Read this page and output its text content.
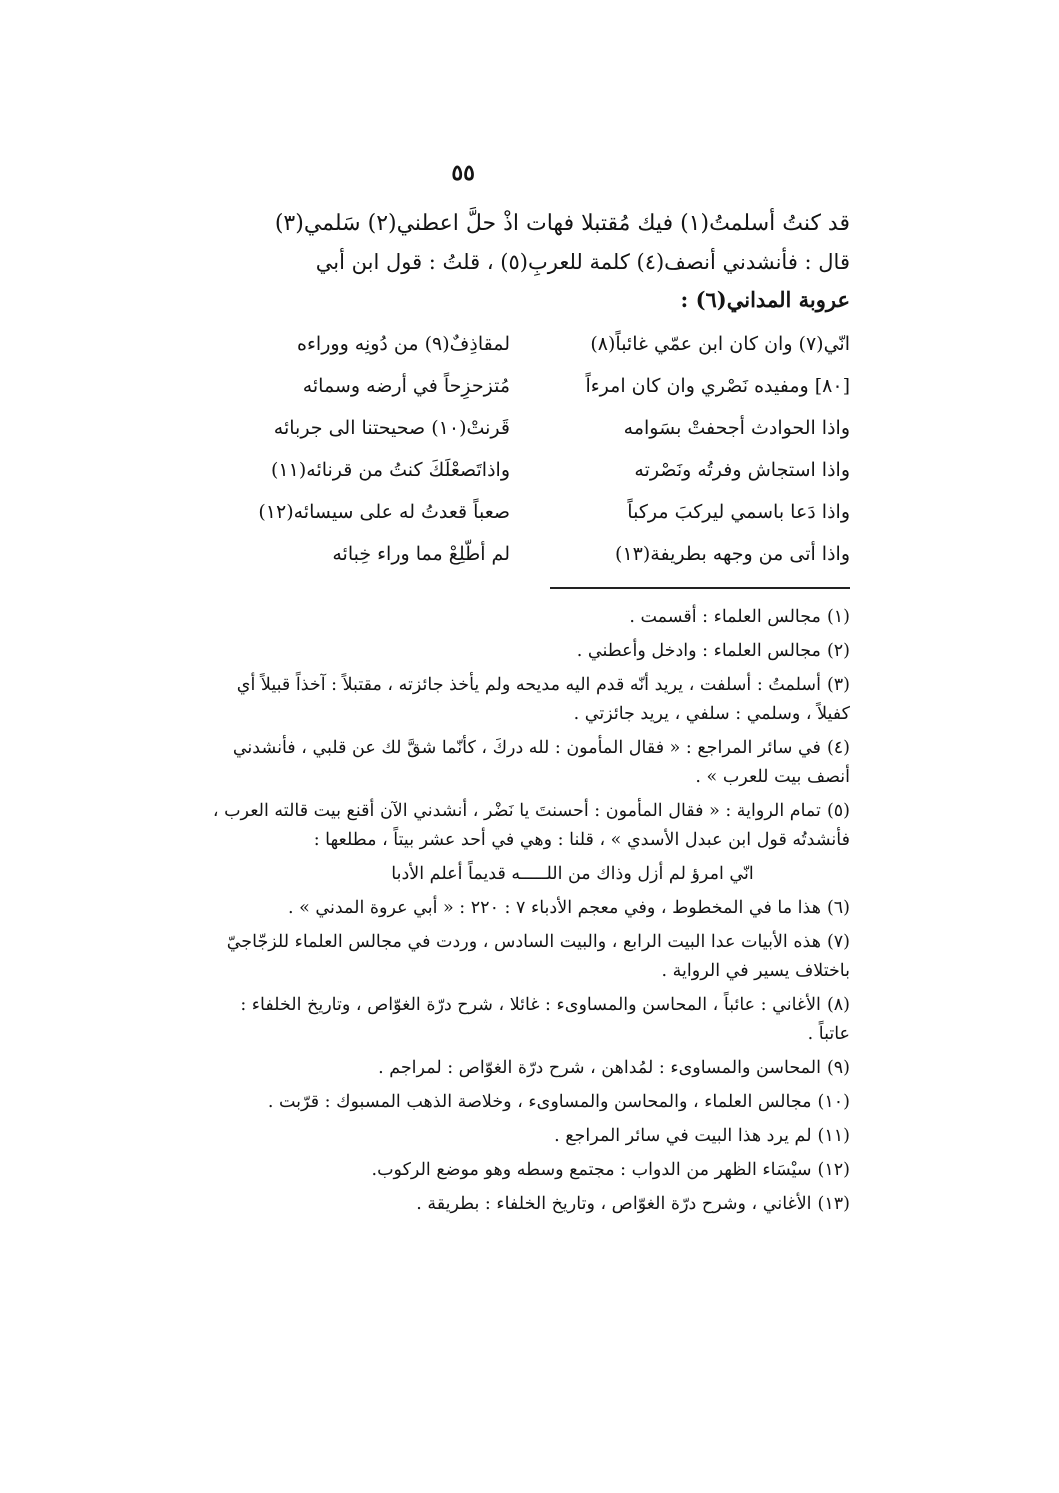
٥٥
قد كنتُ أسلمتُ(١) فيك مُقتبلا فهات اذْ حلَّ اعطني(٢) سَلمي(٣)
قال : فأنشدني أنصف(٤) كلمة للعربِ(٥) ، قلتُ : قول ابن أبي
عروبة المداني(٦) :
انّي(٧) وان كان ابن عمّي غائباً(٨)
لمقاذِفٌ(٩) من دُونِه ووراءه
[٨٠] ومفيده نَصْري وان كان امرءاً
مُتزحزِحاً في أرضه وسمائه
واذا الحوادث أجحفتْ بسَوامه
قَرنتْ(١٠) صحيحتنا الى جربائه
واذا استجاش وفرتُه ونَصْرته
واذاتَصعْلَكَ كنتُ من قرنائه(١١)
واذا دَعا باسمي ليركبَ مركباً
صعباً قعدتُ له على سيسائه(١٢)
واذا أتى من وجهه بطريفة(١٣)
لم أطّلِعْ مما وراء خِبائه
(١)مجالس العلماء : أقسمت .
(٢)مجالس العلماء : وادخل وأعطني .
(٣)أسلمتُ : أسلفت ، يريد أنّه قدم اليه مديحه ولم يأخذ جائزته ، مقتبلاً : آخذاً قبيلاً أي كفيلاً ، وسلمي : سلفي ، يريد جائزتي .
(٤)في سائر المراجع : « فقال المأمون : لله دركَ ، كأنّما شقَّ لك عن قلبي ، فأنشدني أنصف بيت للعرب » .
(٥)تمام الرواية : « فقال المأمون : أحسنتَ يا نَضْر ، أنشدني الآن أقنع بيت قالته العرب ، فأنشدتُه قول ابن عبدل الأسدي » ، قلنا : وهي في أحد عشر بيتاً ، مطلعها :
انّي امرؤ لم أزل وذاك من اللـــــه قديماً أعلم الأدبا
(٦)هذا ما في المخطوط ، وفي معجم الأدباء ٧ : ٢٢٠ : « أبي عروة المدني » .
(٧)هذه الأبيات عدا البيت الرابع ، والبيت السادس ، وردت في مجالس العلماء للزجّاجيّ باختلاف يسير في الرواية .
(٨)الأغاني : عائباً ، المحاسن والمساوىء : غائلا ، شرح درّة الغوّاص ، وتاريخ الخلفاء : عاتباً .
(٩)المحاسن والمساوىء : لمُداهن ، شرح درّة الغوّاص : لمراجم .
(١٠)مجالس العلماء ، والمحاسن والمساوىء ، وخلاصة الذهب المسبوك : قرّبت .
(١١)لم يرد هذا البيت في سائر المراجع .
(١٢)سيْسَاء الظهر من الدواب : مجتمع وسطه وهو موضع الركوب.
(١٣)الأغاني ، وشرح درّة الغوّاص ، وتاريخ الخلفاء : بطريقة .
